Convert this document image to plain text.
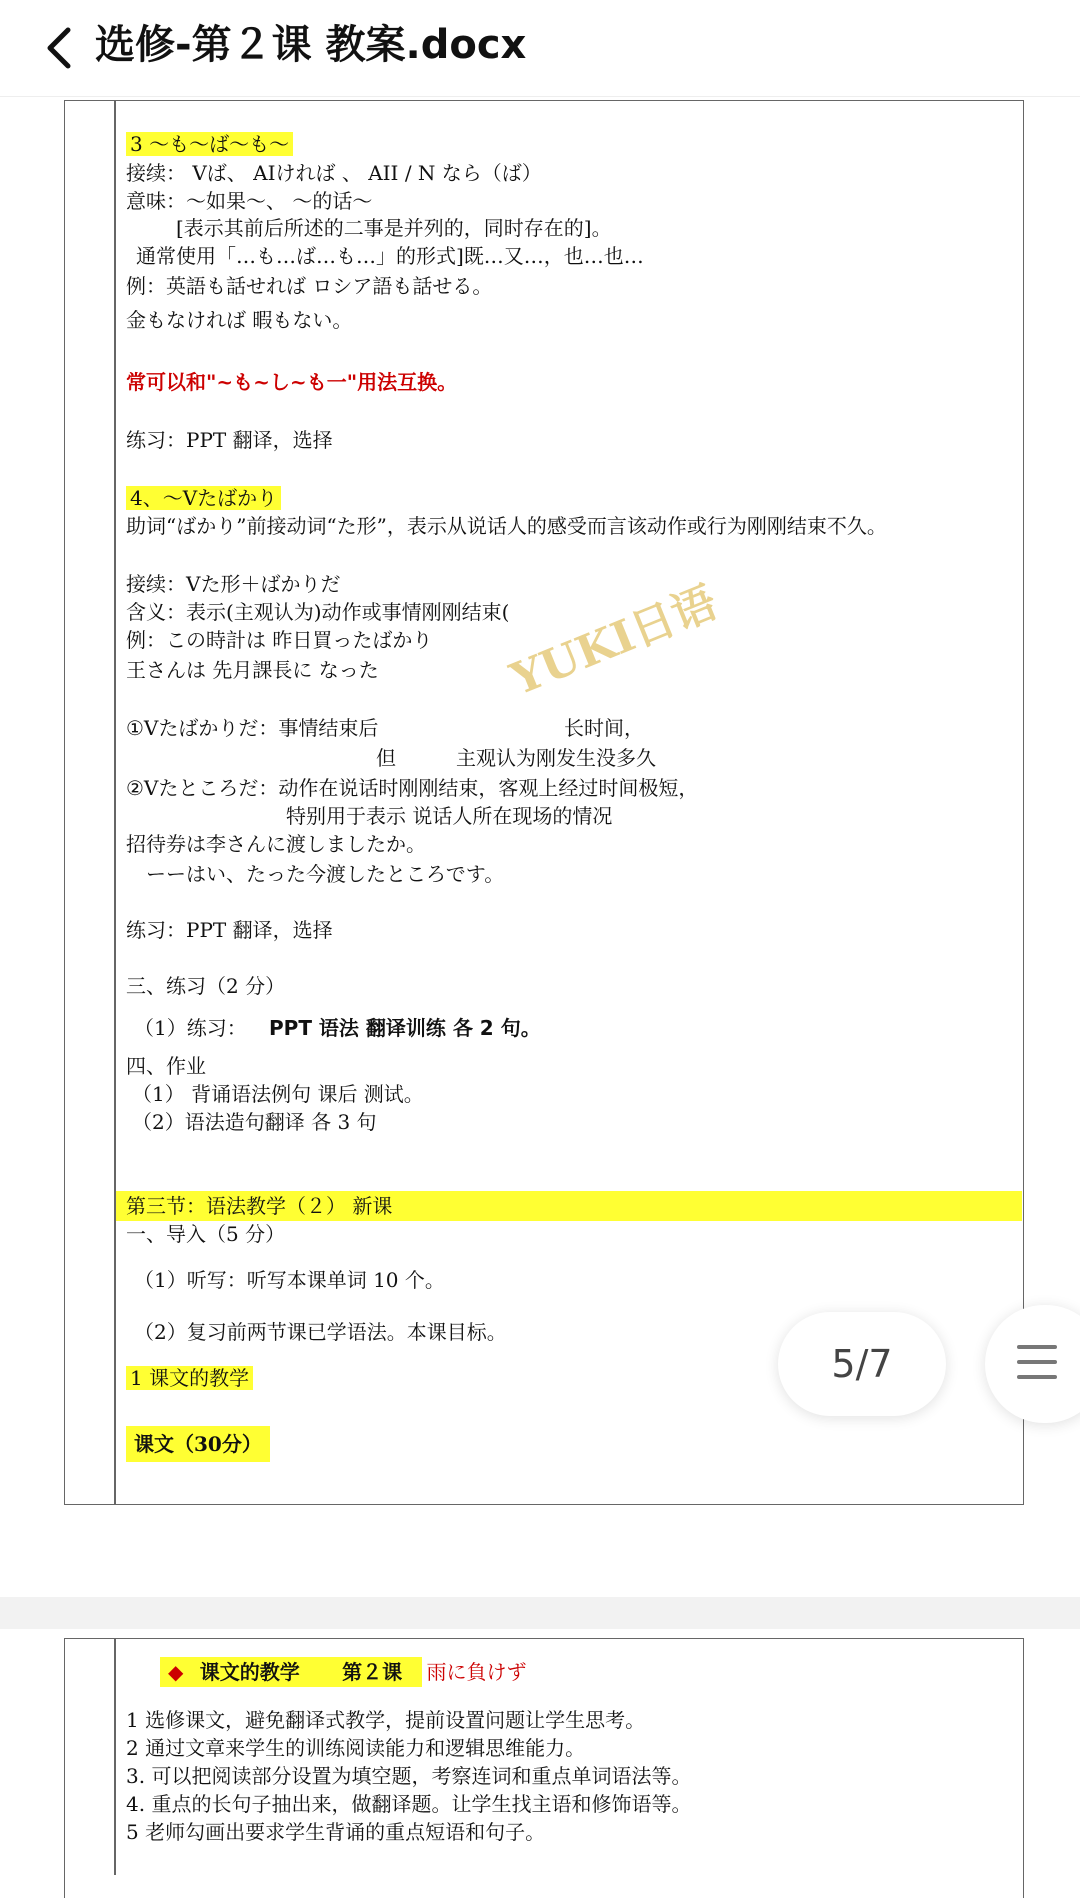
选修-第２课 教案.docx
3 ～も～ば～も～
接续： Vば、 AIければ 、 AII / N なら（ば）
意味：～如果～、 ～的话～
[表示其前后所述的二事是并列的，同时存在的]。
通常使用「…も…ば…も…」的形式]既…又…，也…也…
例：英語も話せれば ロシア語も話せる。
金もなければ 暇もない。
常可以和"~も~し~も一"用法互换。
练习：PPT 翻译，选择
4、～Vたばかり
助词“ばかり”前接动词“た形”，表示从说话人的感受而言该动作或行为刚刚结束不久。
接续：Vた形＋ばかりだ
含义：表示(主观认为)动作或事情刚刚结束(
例：この時計は 昨日買ったばかり
王さんは 先月課長に なった
①Vたばかりだ：事情结束后	长时间，
但	主观认为刚发生没多久
②Vたところだ：动作在说话时刚刚结束，客观上经过时间极短，
特别用于表示 说话人所在现场的情况
招待券は李さんに渡しましたか。
ーーはい、たった今渡したところです。
练习：PPT 翻译，选择
三、练习（2 分）
（1）练习： PPT 语法 翻译训练 各 2 句。
四、作业
（1） 背诵语法例句 课后 测试。
（2）语法造句翻译 各 3 句
第三节：语法教学（２） 新课
一、导入（5 分）
（1）听写：听写本课单词 10 个。
（2）复习前两节课已学语法。本课目标。
1 课文的教学
课文（30分）
YUKI日语
◆ 课文的教学 第２课 雨に負けず
1 选修课文，避免翻译式教学，提前设置问题让学生思考。
2 通过文章来学生的训练阅读能力和逻辑思维能力。
3. 可以把阅读部分设置为填空题，考察连词和重点单词语法等。
4. 重点的长句子抽出来，做翻译题。让学生找主语和修饰语等。
5 老师勾画出要求学生背诵的重点短语和句子。
5/7
